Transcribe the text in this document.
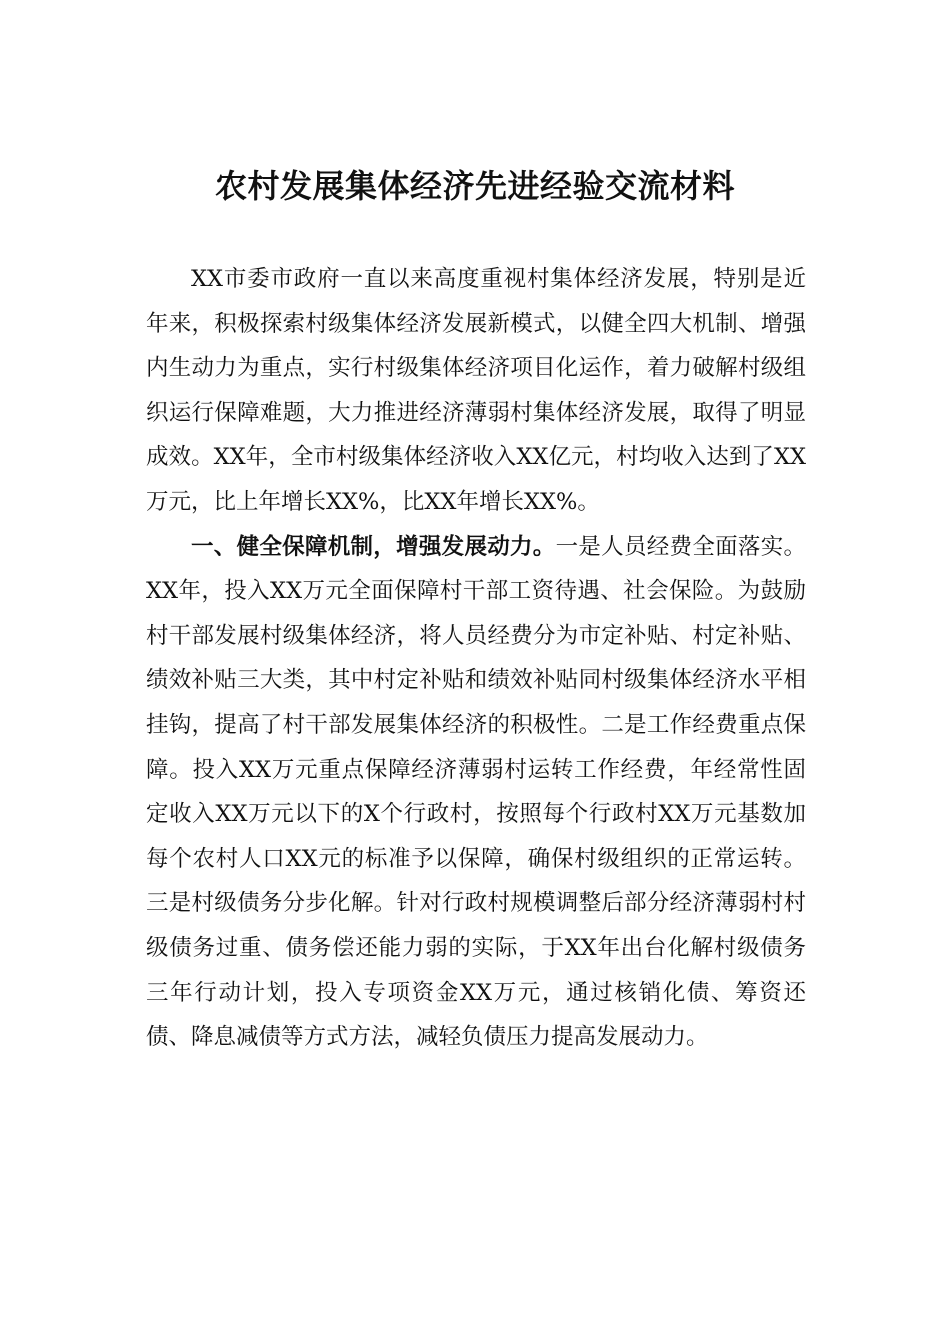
农村发展集体经济先进经验交流材料

XX市委市政府一直以来高度重视村集体经济发展，特别是近年来，积极探索村级集体经济发展新模式，以健全四大机制、增强内生动力为重点，实行村级集体经济项目化运作，着力破解村级组织运行保障难题，大力推进经济薄弱村集体经济发展，取得了明显成效。XX年，全市村级集体经济收入XX亿元，村均收入达到了XX万元，比上年增长XX%，比XX年增长XX%。

一、健全保障机制，增强发展动力。一是人员经费全面落实。XX年，投入XX万元全面保障村干部工资待遇、社会保险。为鼓励村干部发展村级集体经济，将人员经费分为市定补贴、村定补贴、绩效补贴三大类，其中村定补贴和绩效补贴同村级集体经济水平相挂钩，提高了村干部发展集体经济的积极性。二是工作经费重点保障。投入XX万元重点保障经济薄弱村运转工作经费，年经常性固定收入XX万元以下的X个行政村，按照每个行政村XX万元基数加每个农村人口XX元的标准予以保障，确保村级组织的正常运转。三是村级债务分步化解。针对行政村规模调整后部分经济薄弱村村级债务过重、债务偿还能力弱的实际，于XX年出台化解村级债务三年行动计划，投入专项资金XX万元，通过核销化债、筹资还债、降息减债等方式方法，减轻负债压力提高发展动力。
